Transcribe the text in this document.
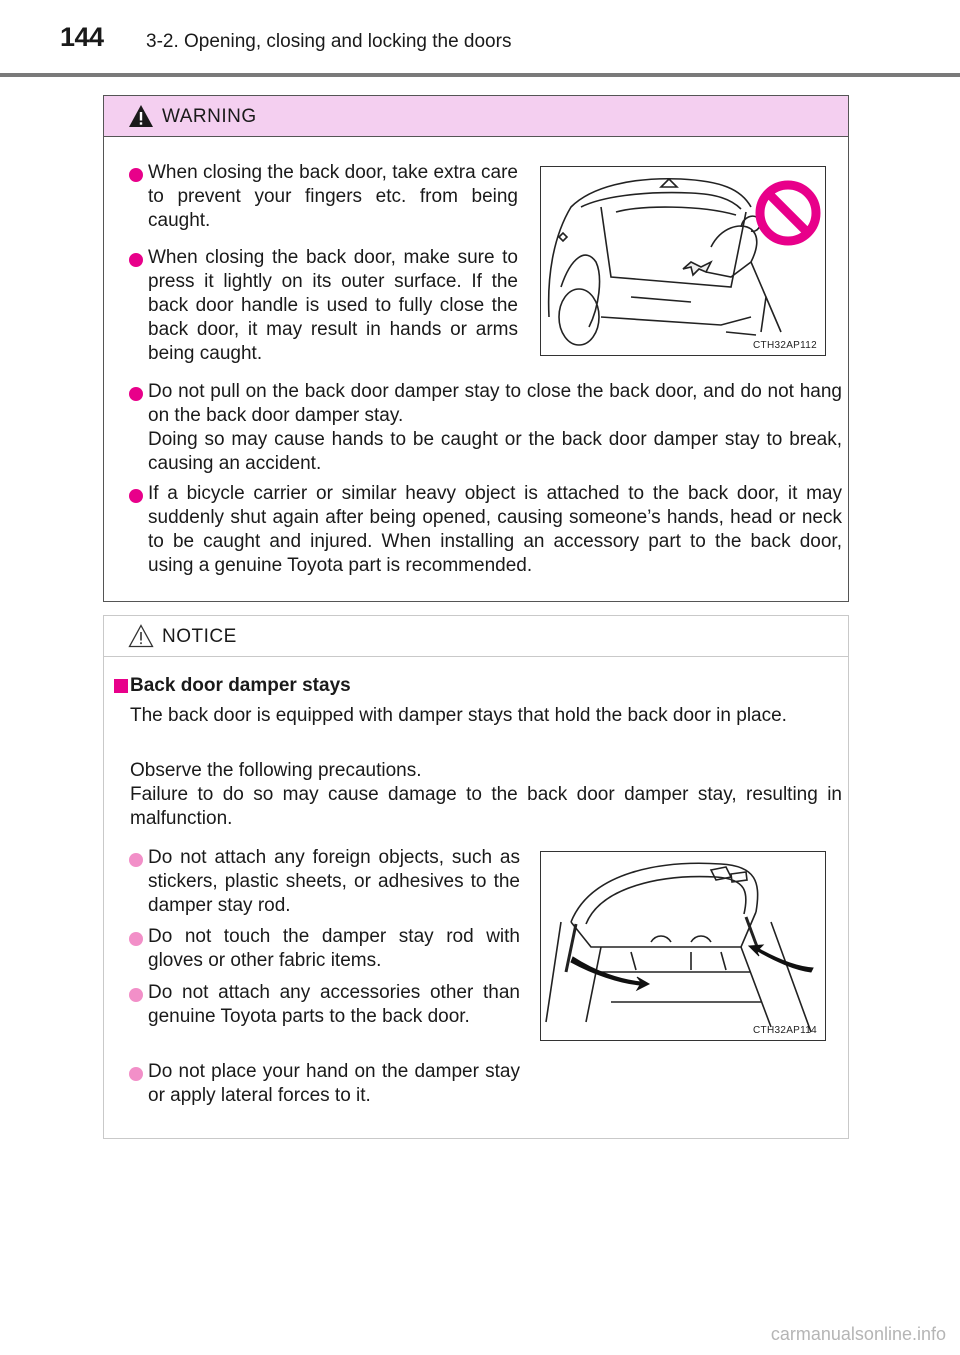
144 3-2. Opening, closing and locking the doors
WARNING
When closing the back door, take extra care to prevent your fingers etc. from being caught.
When closing the back door, make sure to press it lightly on its outer surface. If the back door handle is used to fully close the back door, it may result in hands or arms being caught.	CTH32AP112
Do not pull on the back door damper stay to close the back door, and do not hang on the back door damper stay.
Doing so may cause hands to be caught or the back door damper stay to break, causing an accident.
If a bicycle carrier or similar heavy object is attached to the back door, it may suddenly shut again after being opened, causing someone’s hands, head or neck to be caught and injured. When installing an accessory part to the back door, using a genuine Toyota part is recommended.
NOTICE
Back door damper stays
The back door is equipped with damper stays that hold the back door in place.
Observe the following precautions.
Failure to do so may cause damage to the back door damper stay, resulting in malfunction.
Do not attach any foreign objects, such as stickers, plastic sheets, or adhesives to the damper stay rod.
Do not touch the damper stay rod with gloves or other fabric items.
Do not attach any accessories other than genuine Toyota parts to the back door.
Do not place your hand on the damper stay or apply lateral forces to it.
CTH32AP114
carmanualsonline.info
